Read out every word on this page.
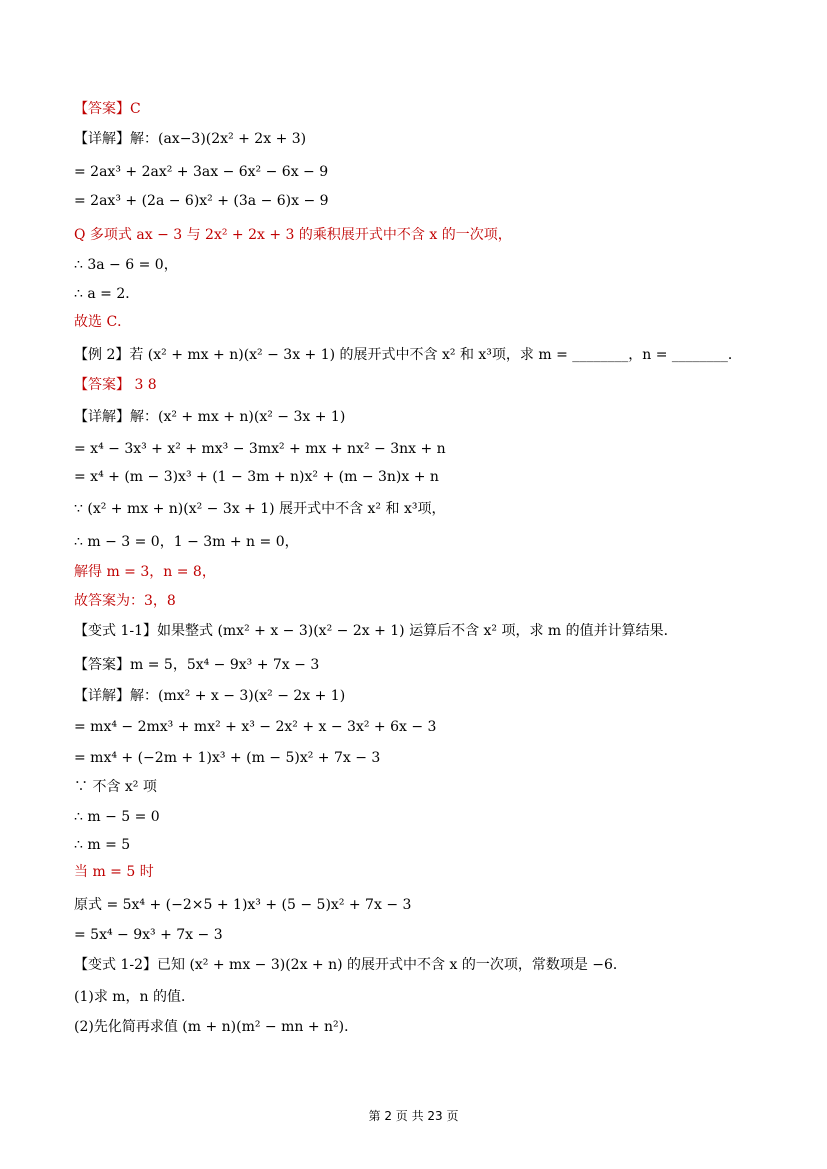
【答案】C
【详解】解：(ax−3)(2x² + 2x + 3)
= 2ax³ + 2ax² + 3ax − 6x² − 6x − 9
= 2ax³ + (2a − 6)x² + (3a − 6)x − 9
Q 多项式 ax − 3 与 2x² + 2x + 3 的乘积展开式中不含 x 的一次项，
∴ 3a − 6 = 0，
∴ a = 2．
故选 C．
【例 2】若 (x² + mx + n)(x² − 3x + 1) 的展开式中不含 x² 和 x³项，求 m = ________，n = ________．
【答案】 3 8
【详解】解：(x² + mx + n)(x² − 3x + 1)
= x⁴ − 3x³ + x² + mx³ − 3mx² + mx + nx² − 3nx + n
= x⁴ + (m − 3)x³ + (1 − 3m + n)x² + (m − 3n)x + n
∵ (x² + mx + n)(x² − 3x + 1) 展开式中不含 x² 和 x³项，
∴ m − 3 = 0，1 − 3m + n = 0，
解得 m = 3，n = 8，
故答案为：3，8
【变式 1-1】如果整式 (mx² + x − 3)(x² − 2x + 1) 运算后不含 x² 项，求 m 的值并计算结果．
【答案】m = 5，5x⁴ − 9x³ + 7x − 3
【详解】解：(mx² + x − 3)(x² − 2x + 1)
= mx⁴ − 2mx³ + mx² + x³ − 2x² + x − 3x² + 6x − 3
= mx⁴ + (−2m + 1)x³ + (m − 5)x² + 7x − 3
∵ 不含 x² 项
∴ m − 5 = 0
∴ m = 5
当 m = 5 时
原式 = 5x⁴ + (−2×5 + 1)x³ + (5 − 5)x² + 7x − 3
= 5x⁴ − 9x³ + 7x − 3
【变式 1-2】已知 (x² + mx − 3)(2x + n) 的展开式中不含 x 的一次项，常数项是 −6．
(1)求 m，n 的值．
(2)先化简再求值 (m + n)(m² − mn + n²)．
第 2 页 共 23 页
